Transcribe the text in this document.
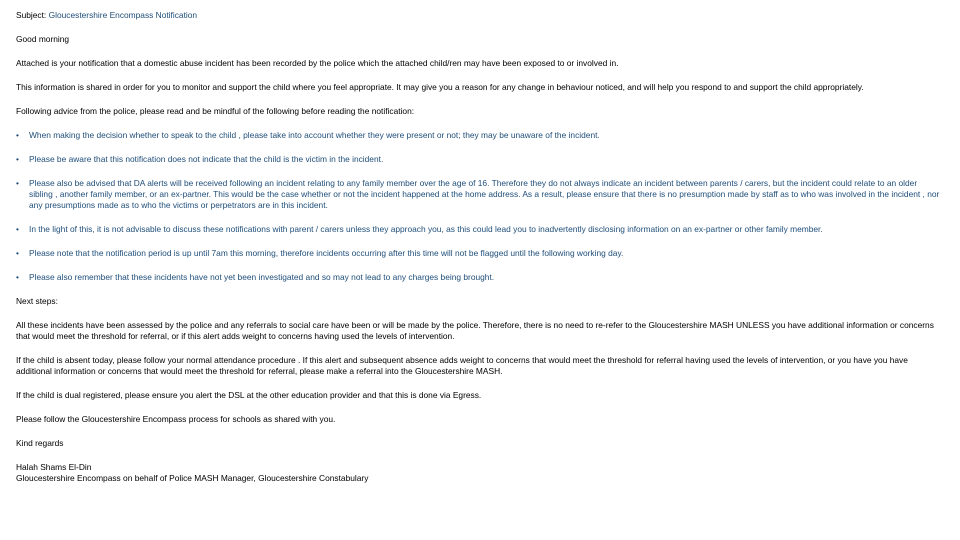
Subject: Gloucestershire Encompass Notification

Good morning

Attached is your notification that a domestic abuse incident has been recorded by the police which the attached child/ren may have been exposed to or involved in.

This information is shared in order for you to monitor and support the child where you feel appropriate. It may give you a reason for any change in behaviour noticed, and will help you respond to and support the child appropriately.

Following advice from the police, please read and be mindful of the following before reading the notification:

• When making the decision whether to speak to the child , please take into account whether they were present or not; they may be unaware of the incident.
• Please be aware that this notification does not indicate that the child is the victim in the incident.
• Please also be advised that DA alerts will be received following an incident relating to any family member over the age of 16. Therefore they do not always indicate an incident between parents / carers, but the incident could relate to an older sibling , another family member, or an ex-partner. This would be the case whether or not the incident happened at the home address. As a result, please ensure that there is no presumption made by staff as to who was involved in the incident , nor any presumptions made as to who the victims or perpetrators are in this incident.
• In the light of this, it is not advisable to discuss these notifications with parent / carers unless they approach you, as this could lead you to inadvertently disclosing information on an ex-partner or other family member.
• Please note that the notification period is up until 7am this morning, therefore incidents occurring after this time will not be flagged until the following working day.
• Please also remember that these incidents have not yet been investigated and so may not lead to any charges being brought.

Next steps:

All these incidents have been assessed by the police and any referrals to social care have been or will be made by the police. Therefore, there is no need to re-refer to the Gloucestershire MASH UNLESS you have additional information or concerns that would meet the threshold for referral, or if this alert adds weight to concerns having used the levels of intervention.

If the child is absent today, please follow your normal attendance procedure . If this alert and subsequent absence adds weight to concerns that would meet the threshold for referral having used the levels of intervention, or you have you have additional information or concerns that would meet the threshold for referral, please make a referral into the Gloucestershire MASH.

If the child is dual registered, please ensure you alert the DSL at the other education provider and that this is done via Egress.

Please follow the Gloucestershire Encompass process for schools as shared with you.

Kind regards

Halah Shams El-Din

Gloucestershire Encompass on behalf of Police MASH Manager, Gloucestershire Constabulary
